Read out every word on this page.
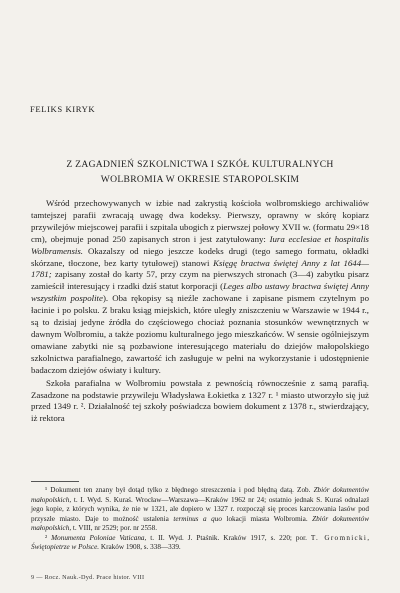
FELIKS KIRYK
Z ZAGADNIEŃ SZKOLNICTWA I SZKÓŁ KULTURALNYCH
WOLBROMIA W OKRESIE STAROPOLSKIM

Wśród przechowywanych w izbie nad zakrystią kościoła wolbromskiego archiwaliów tamtejszej parafii zwracają uwagę dwa kodeksy. Pierwszy, oprawny w skórę kopiarz przywilejów miejscowej parafii i szpitala ubogich z pierwszej połowy XVII w. (formatu 29×18 cm), obejmuje ponad 250 zapisanych stron i jest zatytułowany: Iura ecclesiae et hospitalis Wolbramensis. Okazalszy od niego jeszcze kodeks drugi (tego samego formatu, okładki skórzane, tłoczone, bez karty tytułowej) stanowi Księgę bractwa świętej Anny z lat 1644—1781; zapisany został do karty 57, przy czym na pierwszych stronach (3—4) zabytku pisarz zamieścił interesujący i rzadki dziś statut korporacji (Leges albo ustawy bractwa świętej Anny wszystkim pospolite). Oba rękopisy są nieźle zachowane i zapisane pismem czytelnym po łacinie i po polsku. Z braku ksiąg miejskich, które uległy zniszczeniu w Warszawie w 1944 r., są to dzisiaj jedyne źródła do częściowego chociaż poznania stosunków wewnętrznych w dawnym Wolbromiu, a także poziomu kulturalnego jego mieszkańców. W sensie ogólniejszym omawiane zabytki nie są pozbawione interesującego materiału do dziejów małopolskiego szkolnictwa parafialnego, zawartość ich zasługuje w pełni na wykorzystanie i udostępnienie badaczom dziejów oświaty i kultury.

Szkoła parafialna w Wolbromiu powstała z pewnością równocześnie z samą parafią. Zasadzone na podstawie przywileju Władysława Łokietka z 1327 r. ¹ miasto utworzyło się już przed 1349 r. ². Działalność tej szkoły poświadcza bowiem dokument z 1378 r., stwierdzający, iż rektora

¹ Dokument ten znany był dotąd tylko z błędnego streszczenia i pod błędną datą. Zob. Zbiór dokumentów małopolskich, t. I. Wyd. S. Kuraś. Wrocław—Warszawa—Kraków 1962 nr 24; ostatnio jednak S. Kuraś odnalazł jego kopie, z których wynika, że nie w 1321, ale dopiero w 1327 r. rozpoczął się proces karczowania lasów pod przyszłe miasto. Daje to możność ustalenia terminus a quo lokacji miasta Wolbromia. Zbiór dokumentów małopolskich, t. VIII, nr 2529; por. nr 2558.

² Monumenta Poloniae Vaticana, t. II. Wyd. J. Ptaśnik. Kraków 1917, s. 220; por. T. Gromnicki, Świętopietrze w Polsce. Kraków 1908, s. 338—339.

9 — Rocz. Nauk.-Dyd. Prace histor. VIII
